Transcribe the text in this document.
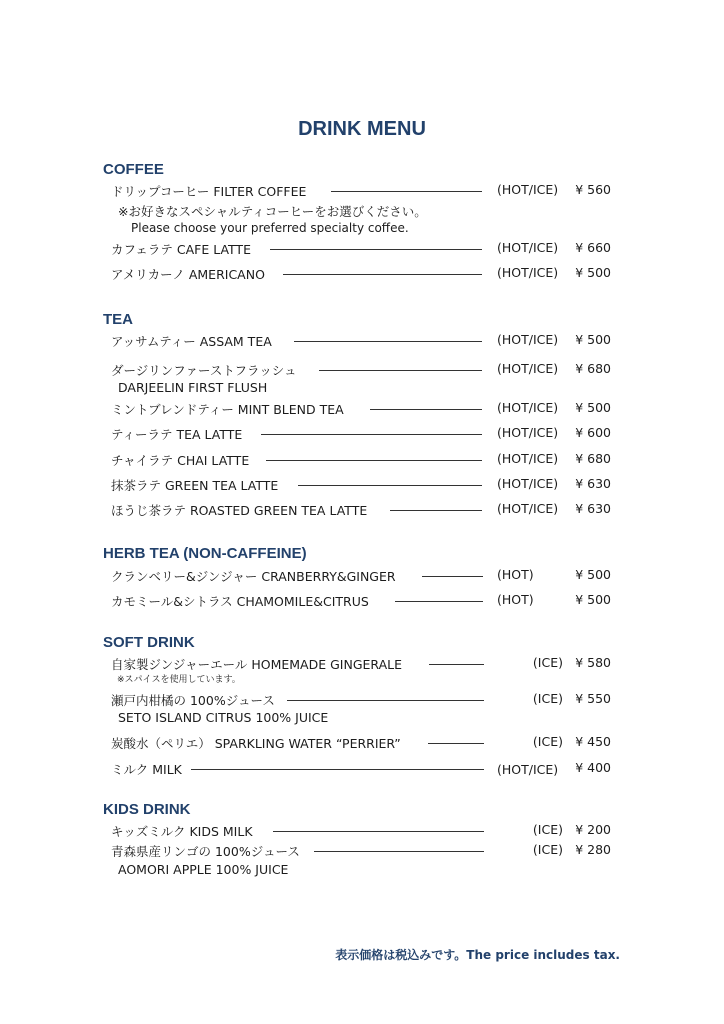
DRINK MENU
COFFEE
ドリップコーヒー FILTER COFFEE	(HOT/ICE) ¥ 560
※お好きなスペシャルティコーヒーをお選びください。
Please choose your preferred specialty coffee.
カフェラテ CAFE LATTE	(HOT/ICE) ¥ 660
アメリカーノ AMERICANO	(HOT/ICE) ¥ 500
TEA
アッサムティー ASSAM TEA	(HOT/ICE) ¥ 500
ダージリンファーストフラッシュ	(HOT/ICE) ¥ 680
DARJEELIN FIRST FLUSH
ミントブレンドティー MINT BLEND TEA	(HOT/ICE) ¥ 500
ティーラテ TEA LATTE	(HOT/ICE) ¥ 600
チャイラテ CHAI LATTE	(HOT/ICE) ¥ 680
抹茶ラテ GREEN TEA LATTE	(HOT/ICE) ¥ 630
ほうじ茶ラテ ROASTED GREEN TEA LATTE	(HOT/ICE) ¥ 630
HERB TEA (NON-CAFFEINE)
クランベリー&ジンジャー CRANBERRY&GINGER	(HOT)	¥ 500
カモミール&シトラス CHAMOMILE&CITRUS	(HOT)	¥ 500
SOFT DRINK
自家製ジンジャーエール HOMEMADE GINGERALE	(ICE) ¥ 580
※スパイスを使用しています。
瀬戸内柑橘の 100%ジュース	(ICE) ¥ 550
SETO ISLAND CITRUS 100% JUICE
炭酸水（ペリエ） SPARKLING WATER “PERRIER”	(ICE) ¥ 450
ミルク MILK	(HOT/ICE) ¥ 400
KIDS DRINK
キッズミルク KIDS MILK	(ICE) ¥ 200
青森県産リンゴの 100%ジュース	(ICE) ¥ 280
AOMORI APPLE 100% JUICE
表示価格は税込みです。The price includes tax.
